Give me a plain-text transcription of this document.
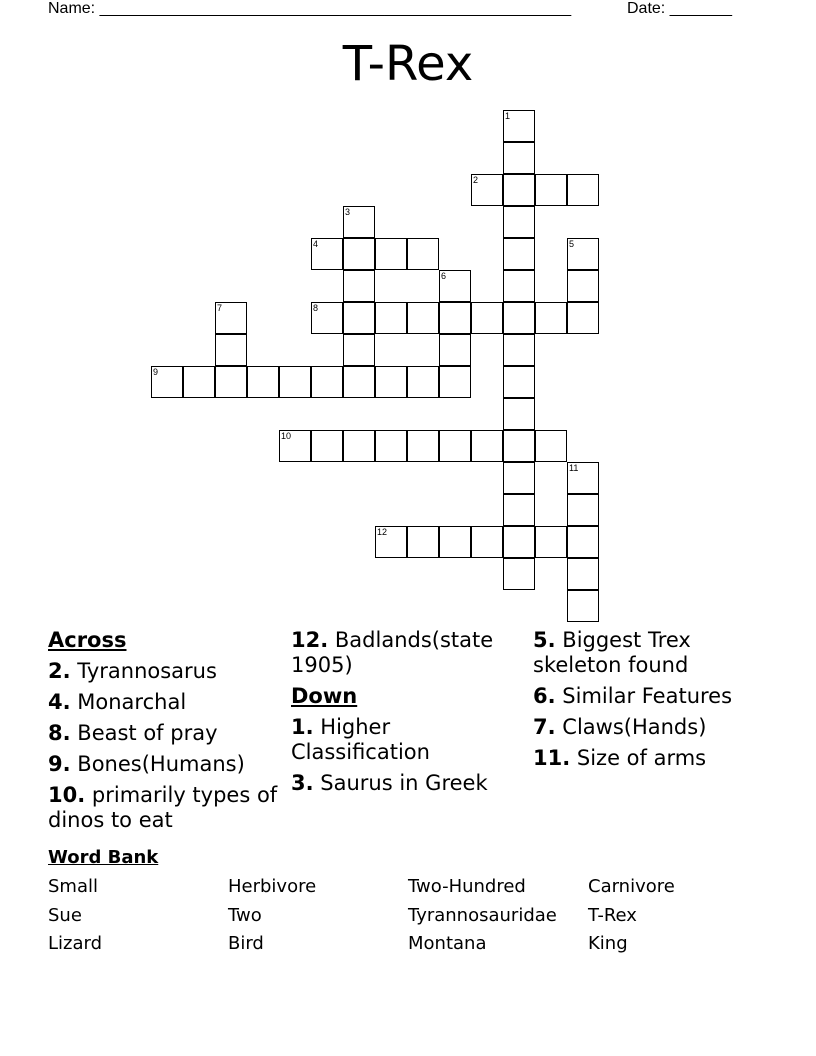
Name: _____________________________________________________	Date: _______
T-Rex
1
2
3
4	5
6
7	8
9
10
11
12
Across
2. Tyrannosarus
4. Monarchal
8. Beast of pray
9. Bones(Humans)
10. primarily types of dinos to eat
12. Badlands(state 1905)
Down
1. Higher Classification
3. Saurus in Greek
5. Biggest Trex skeleton found
6. Similar Features
7. Claws(Hands)
11. Size of arms
Word Bank
Small	Herbivore	Two-Hundred	Carnivore
Sue	Two	Tyrannosauridae T-Rex
Lizard	Bird	Montana	King
